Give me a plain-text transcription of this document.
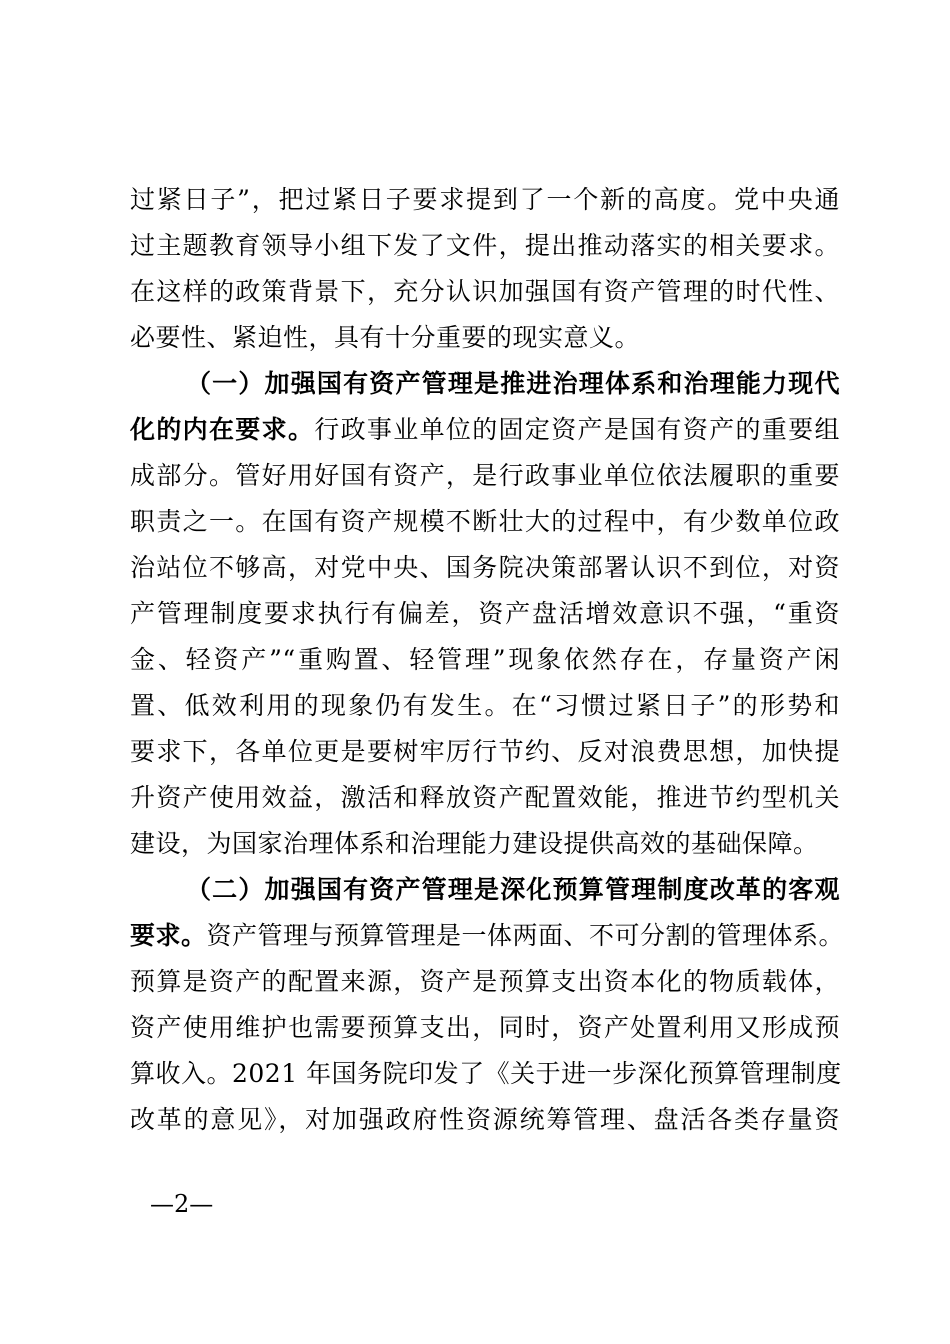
过紧日子”，把过紧日子要求提到了一个新的高度。党中央通
过主题教育领导小组下发了文件，提出推动落实的相关要求。
在这样的政策背景下，充分认识加强国有资产管理的时代性、
必要性、紧迫性，具有十分重要的现实意义。
（一）加强国有资产管理是推进治理体系和治理能力现代
化的内在要求。行政事业单位的固定资产是国有资产的重要组
成部分。管好用好国有资产，是行政事业单位依法履职的重要
职责之一。在国有资产规模不断壮大的过程中，有少数单位政
治站位不够高，对党中央、国务院决策部署认识不到位，对资
产管理制度要求执行有偏差，资产盘活增效意识不强，“重资
金、轻资产”“重购置、轻管理”现象依然存在，存量资产闲
置、低效利用的现象仍有发生。在“习惯过紧日子”的形势和
要求下，各单位更是要树牢厉行节约、反对浪费思想，加快提
升资产使用效益，激活和释放资产配置效能，推进节约型机关
建设，为国家治理体系和治理能力建设提供高效的基础保障。
（二）加强国有资产管理是深化预算管理制度改革的客观
要求。资产管理与预算管理是一体两面、不可分割的管理体系。
预算是资产的配置来源，资产是预算支出资本化的物质载体，
资产使用维护也需要预算支出，同时，资产处置利用又形成预
算收入。2021 年国务院印发了《关于进一步深化预算管理制度
改革的意见》，对加强政府性资源统筹管理、盘活各类存量资
—2—
